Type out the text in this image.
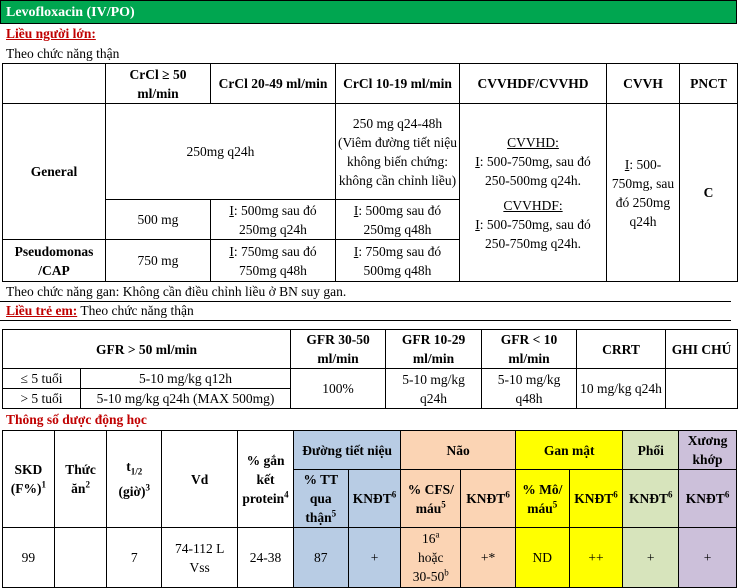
Levofloxacin (IV/PO)
Liều người lớn:
Theo chức năng thận
	CrCl ≥ 50 ml/min	CrCl 20-49 ml/min	CrCl 10-19 ml/min	CVVHDF/CVVHD	CVVH	PNCT
General	250mg q24h		250 mg q24-48h (Viêm đường tiết niệu không biến chứng: không cần chỉnh liều)	CVVHD:
I: 500-750mg, sau đó 250-500mg q24h.
CVVHDF:
I: 500-750mg, sau đó 250-750mg q24h.	I: 500-750mg, sau đó 250mg q24h	C
	500 mg	I: 500mg sau đó 250mg q24h	I: 500mg sau đó 250mg q48h			
Pseudomonas /CAP	750 mg	I: 750mg sau đó 750mg q48h	I: 750mg sau đó 500mg q48h			
Theo chức năng gan: Không cần điều chỉnh liều ở BN suy gan.
Liều trẻ em: Theo chức năng thận
GFR > 50 ml/min		GFR 30-50 ml/min	GFR 10-29 ml/min	GFR < 10 ml/min	CRRT	GHI CHÚ
≤ 5 tuổi	5-10 mg/kg q12h	100%	5-10 mg/kg q24h	5-10 mg/kg q48h	10 mg/kg q24h	
> 5 tuổi	5-10 mg/kg q24h (MAX 500mg)					
Thông số dược động học
SKD $(F\%)^1$	Thức $ăn^2$	$t_{1/2}$ (giờ)$^3$	Vd	% gắn kết protein$^4$	Đường tiết niệu		Não		Gan mật		Phổi	Xương khớp
					% TT qua thận$^5$	KNĐT$^6$	% CFS/ máu$^5$	KNĐT$^6$	% Mô/ máu$^5$	KNĐT$^6$	KNĐT$^6$	KNĐT$^6$
99		7	74-112 L Vss	24-38	87	+	$16^a$
hoặc
$30-50^b$	+*	ND	++	+	+
